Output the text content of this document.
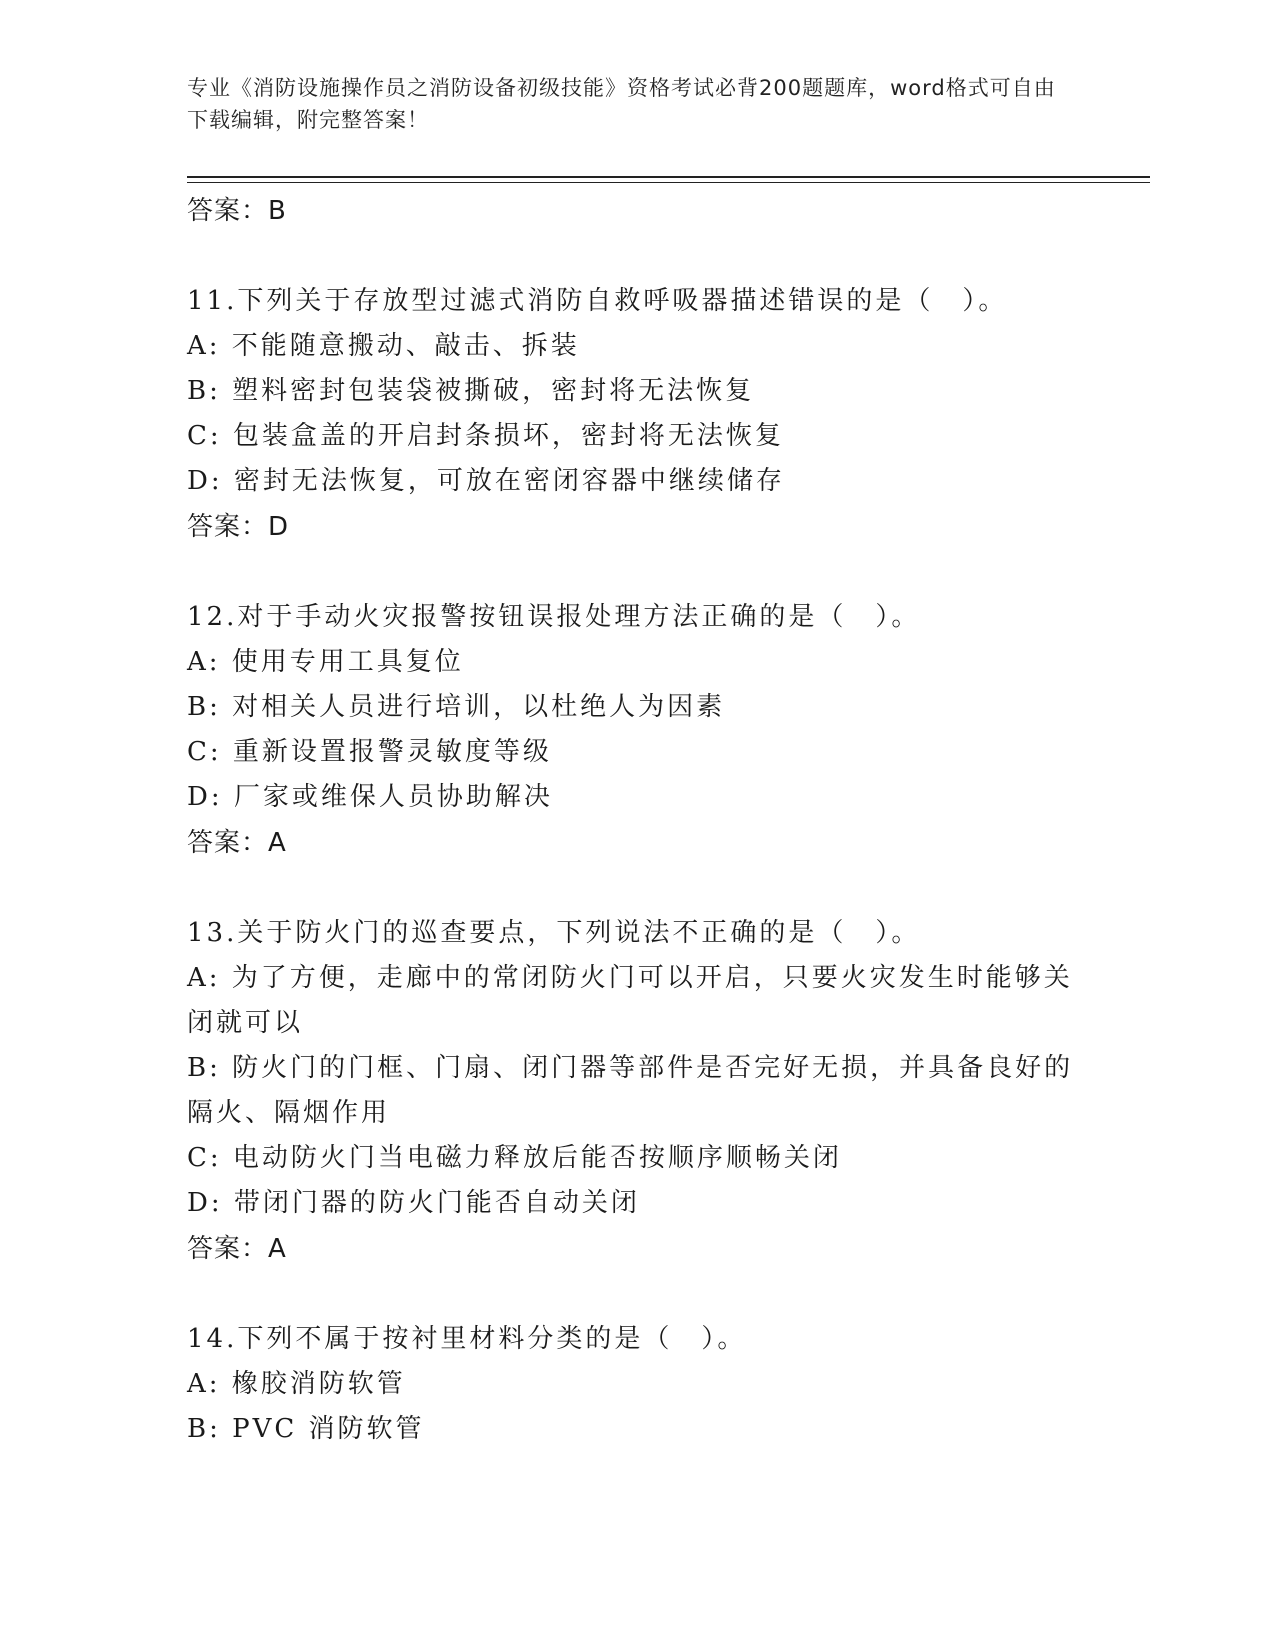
专业《消防设施操作员之消防设备初级技能》资格考试必背200题题库，word格式可自由下载编辑，附完整答案！

答案：B

11.下列关于存放型过滤式消防自救呼吸器描述错误的是（　）。

A: 不能随意搬动、敲击、拆装

B: 塑料密封包装袋被撕破，密封将无法恢复

C: 包装盒盖的开启封条损坏，密封将无法恢复

D: 密封无法恢复，可放在密闭容器中继续储存

答案：D

12.对于手动火灾报警按钮误报处理方法正确的是（　）。

A: 使用专用工具复位

B: 对相关人员进行培训，以杜绝人为因素

C: 重新设置报警灵敏度等级

D: 厂家或维保人员协助解决

答案：A

13.关于防火门的巡查要点，下列说法不正确的是（　）。

A: 为了方便，走廊中的常闭防火门可以开启，只要火灾发生时能够关闭就可以

B: 防火门的门框、门扇、闭门器等部件是否完好无损，并具备良好的隔火、隔烟作用

C: 电动防火门当电磁力释放后能否按顺序顺畅关闭

D: 带闭门器的防火门能否自动关闭

答案：A

14.下列不属于按衬里材料分类的是（　）。

A: 橡胶消防软管

B: PVC 消防软管
